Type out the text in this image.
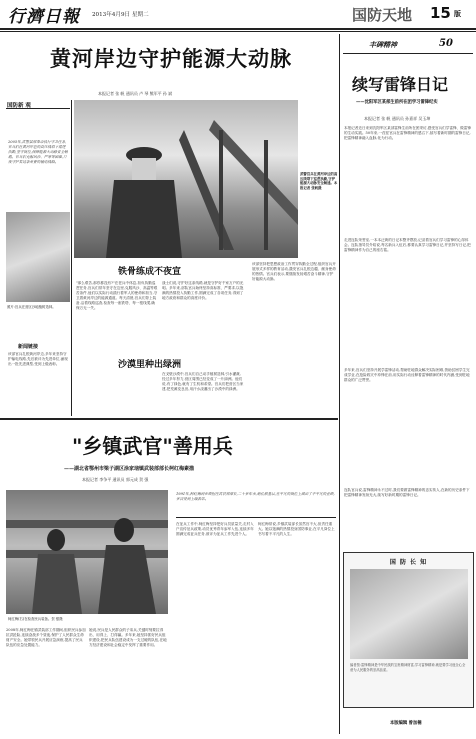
行濟日報 2013年4月9日 星期二	国防天地 15 版
黄河岸边守护能源大动脉
本报记者 张 帆 通讯员 卢 琴 熊军平 孙 斌
国防新 观
2005年,武警某部奉命执行守卫任务,官兵们在黄河岸边的高压线塔下巡逻执勤,坚守岗位,保障能源大动脉安全畅通。官兵们克服风沙、严寒等困难,日夜守护着这条重要的输电线路。
照片:官兵在营区沙地植树造林。
新闻链接
该部官兵扎根黄河岸边,多年来坚持守护输电线路,先后被评为先进单位,涌现出一批先进典型,受到上级表彰。
武警官兵在黄河岸边的高压线塔下巡逻执勤,守护能源大动脉安全畅通。本报记者 张帆摄
铁骨练成不夜宣
"那么艰苦,那你都没有?"在老兵中休息,担负执勤巡逻任务,官兵们常年坚守在这里,克服风沙、高温等艰苦条件,他们以实际行动践行着军人的使命和担当,守卫着黄河岸边的能源通道。每天清晨,官兵们背上装备,沿着线路巡查,检查每一座铁塔、每一根线缆,确保万无一失。
战士们说,守护好这条线路,就是守护好千家万户的光明。多年来,部队官兵始终坚持高标准、严要求,以饱满的热情投入执勤工作,圆满完成了各项任务,得到了地方政府和群众的高度评价。
沙漠里种出绿洲
在戈壁沙漠中,官兵们自己动手植树造林,引水灌溉,经过多年努力,营区周围已经变成了一片绿洲。他们说,有了绿色,就有了生机和希望。官兵们把营区当家建,把荒滩变良田,用汗水浇灌出了沙漠中的绿洲。
该部坚持把思想政治工作贯穿执勤全过程,组织官兵开展形式多样的教育活动,激发官兵扎根边疆、献身使命的热情。官兵们表示,要继续发扬艰苦奋斗精神,守护好能源大动脉。
"乡镇武官"善用兵
——湖北省鄂州市梁子湖区涂家垴镇武装部部长柯红梅素描
本报记者 李争平 通讯员 郭元成 贺 强
1991年,柯红梅到乡镇担任武装部部长,二十多年来,她扎根基层,在平凡的岗位上做出了不平凡的业绩,多次受到上级表彰。
柯红梅(右)在检查民兵装备。贺 强摄
2008年,柯红梅在镇武装部工作期间,组织民兵参加抗洪抢险,连续奋战多个昼夜,保护了人民群众生命财产安全。她带领民兵开展应急演练,提高了民兵队伍的应急处置能力。
她说,民兵是人民群众的子弟兵,关键时刻要拉得出、用得上、打得赢。多年来,她坚持抓好民兵组织建设,把民兵队伍建设成为一支过硬的队伍,在地方经济建设和社会稳定中发挥了重要作用。
在征兵工作中,柯红梅坚持把好兵员质量关,走村入户宣传征兵政策,动员优秀青年参军入伍,连续多年圆满完成征兵任务,被评为征兵工作先进个人。
柯红梅常说,乡镇武装部长虽然官不大,但责任重大。她以饱满的热情投身国防事业,在平凡岗位上书写着不平凡的人生。
丰碑精神	50
续写雷锋日记
——沈阳军区某部生前所在团学习雷锋纪实
本报记者 张 帆 通讯员 孙嘉祥 吴玉坤
本报记者近日来到沈阳军区某部雷锋生前所在团采访,感受官兵们学雷锋、做雷锋的生动实践。50年来,一茬茬官兵在雷锋精神的感召下,续写着新时期的雷锋日记,把雷锋精神融入血脉,化为行动。
走进连队荣誉室,一本本泛黄的日记本整齐摆放,记录着官兵们学习雷锋的心得体会。连队指导员介绍说,每名新兵入伍后,都要认真学习雷锋日记,并坚持写日记,把雷锋精神作为自己的座右铭。
多年来,官兵们坚持开展学雷锋活动,帮助驻地群众解决实际困难,资助贫困学生完成学业,在抢险救灾中冲锋在前,用实际行动诠释着雷锋精神的时代内涵,受到驻地群众的广泛赞誉。
连队官兵说,雷锋精神永不过时,我们要做雷锋精神的忠实传人,在新的历史条件下把雷锋精神发扬光大,续写好新时期的雷锋日记。
国 防 长 知
编者按:雷锋精神是中华民族的宝贵精神财富,学习雷锋精神,就是要学习他全心全意为人民服务的崇高品质。
本版编辑 曾加楠
